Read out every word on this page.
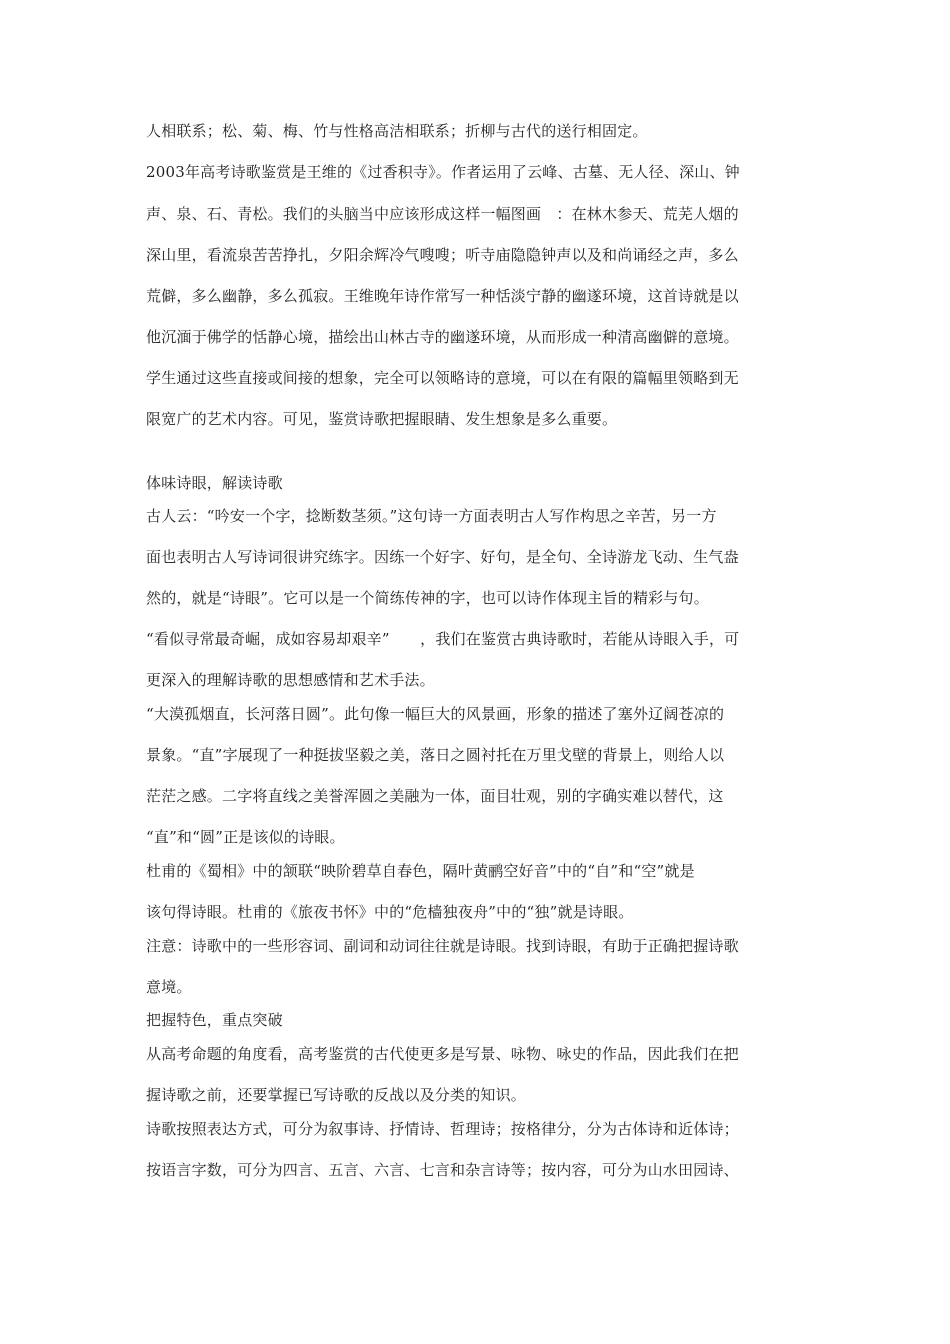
人相联系；松、菊、梅、竹与性格高洁相联系；折柳与古代的送行相固定。

2003年高考诗歌鉴赏是王维的《过香积寺》。作者运用了云峰、古墓、无人径、深山、钟

声、泉、石、青松。我们的头脑当中应该形成这样一幅图画　：在林木参天、荒芜人烟的

深山里，看流泉苦苦挣扎，夕阳余辉冷气嗖嗖；听寺庙隐隐钟声以及和尚诵经之声，多么

荒僻，多么幽静，多么孤寂。王维晚年诗作常写一种恬淡宁静的幽遂环境，这首诗就是以

他沉湎于佛学的恬静心境，描绘出山林古寺的幽遂环境，从而形成一种清高幽僻的意境。

学生通过这些直接或间接的想象，完全可以领略诗的意境，可以在有限的篇幅里领略到无

限宽广的艺术内容。可见，鉴赏诗歌把握眼睛、发生想象是多么重要。

体味诗眼，解读诗歌

古人云：“吟安一个字，捻断数茎须。”这句诗一方面表明古人写作构思之辛苦，另一方

面也表明古人写诗词很讲究练字。因练一个好字、好句，是全句、全诗游龙飞动、生气盎

然的，就是“诗眼”。它可以是一个简练传神的字，也可以诗作体现主旨的精彩与句。

“看似寻常最奇崛，成如容易却艰辛”　　，我们在鉴赏古典诗歌时，若能从诗眼入手，可

更深入的理解诗歌的思想感情和艺术手法。

“大漠孤烟直，长河落日圆”。此句像一幅巨大的风景画，形象的描述了塞外辽阔苍凉的

景象。“直”字展现了一种挺拔坚毅之美，落日之圆衬托在万里戈壁的背景上，则给人以

茫茫之感。二字将直线之美誉浑圆之美融为一体，面目壮观，别的字确实难以替代，这

“直”和“圆”正是该似的诗眼。

杜甫的《蜀相》中的颔联“映阶碧草自春色，隔叶黄鹂空好音”中的“自”和“空”就是

该句得诗眼。杜甫的《旅夜书怀》中的“危樯独夜舟”中的“独”就是诗眼。

注意：诗歌中的一些形容词、副词和动词往往就是诗眼。找到诗眼，有助于正确把握诗歌

意境。

把握特色，重点突破

从高考命题的角度看，高考鉴赏的古代使更多是写景、咏物、咏史的作品，因此我们在把

握诗歌之前，还要掌握已写诗歌的反战以及分类的知识。

诗歌按照表达方式，可分为叙事诗、抒情诗、哲理诗；按格律分，分为古体诗和近体诗；

按语言字数，可分为四言、五言、六言、七言和杂言诗等；按内容，可分为山水田园诗、
